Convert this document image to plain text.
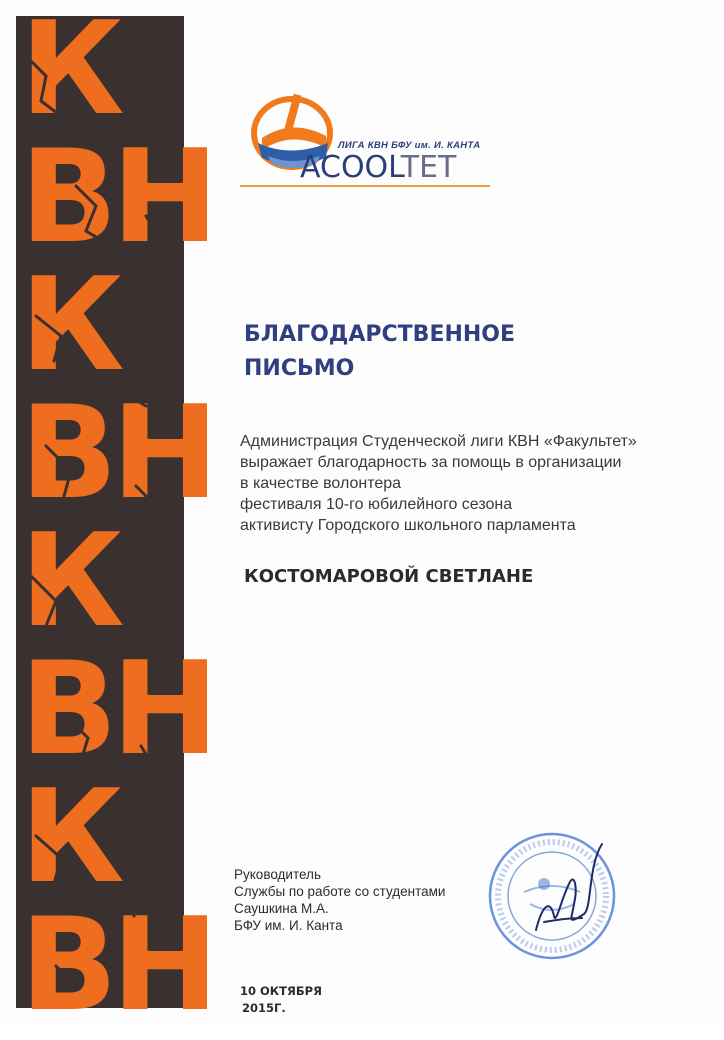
К
ВН
К
ВН
К
ВН
К
ВН
ЛИГА КВН БФУ им. И. КАНТА
ACOOLTET
БЛАГОДАРСТВЕННОЕ
ПИСЬМО
Администрация Студенческой лиги КВН «Факультет»
выражает благодарность за помощь в организации
в качестве волонтера
фестиваля 10-го юбилейного сезона
активисту Городского школьного парламента
КОСТОМАРОВОЙ СВЕТЛАНЕ
Руководитель
Службы по работе со студентами
Саушкина М.А.
БФУ им. И. Канта
10 ОКТЯБРЯ
2015Г.
